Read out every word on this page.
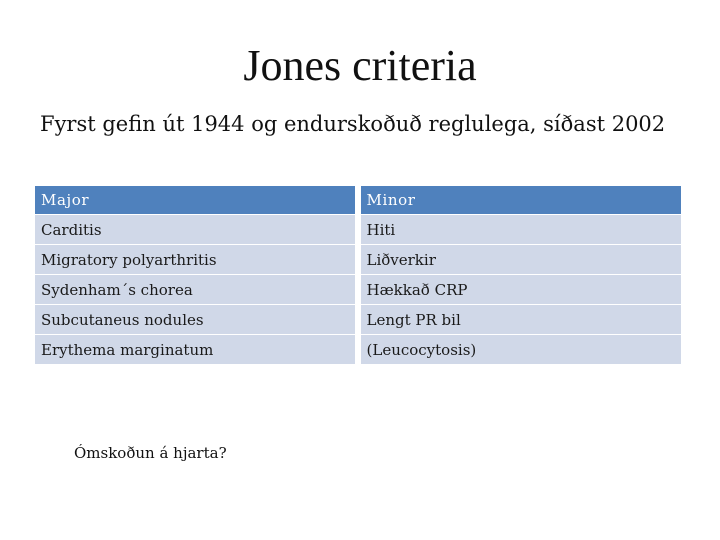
Jones criteria

Fyrst gefin út 1944 og endurskoðuð reglulega, síðast 2002

Major		Minor
Carditis		Hiti
Migratory polyarthritis		Liðverkir
Sydenham´s chorea		Hækkað CRP
Subcutaneus nodules		Lengt PR bil
Erythema marginatum		(Leucocytosis)

Ómskoðun á hjarta?
